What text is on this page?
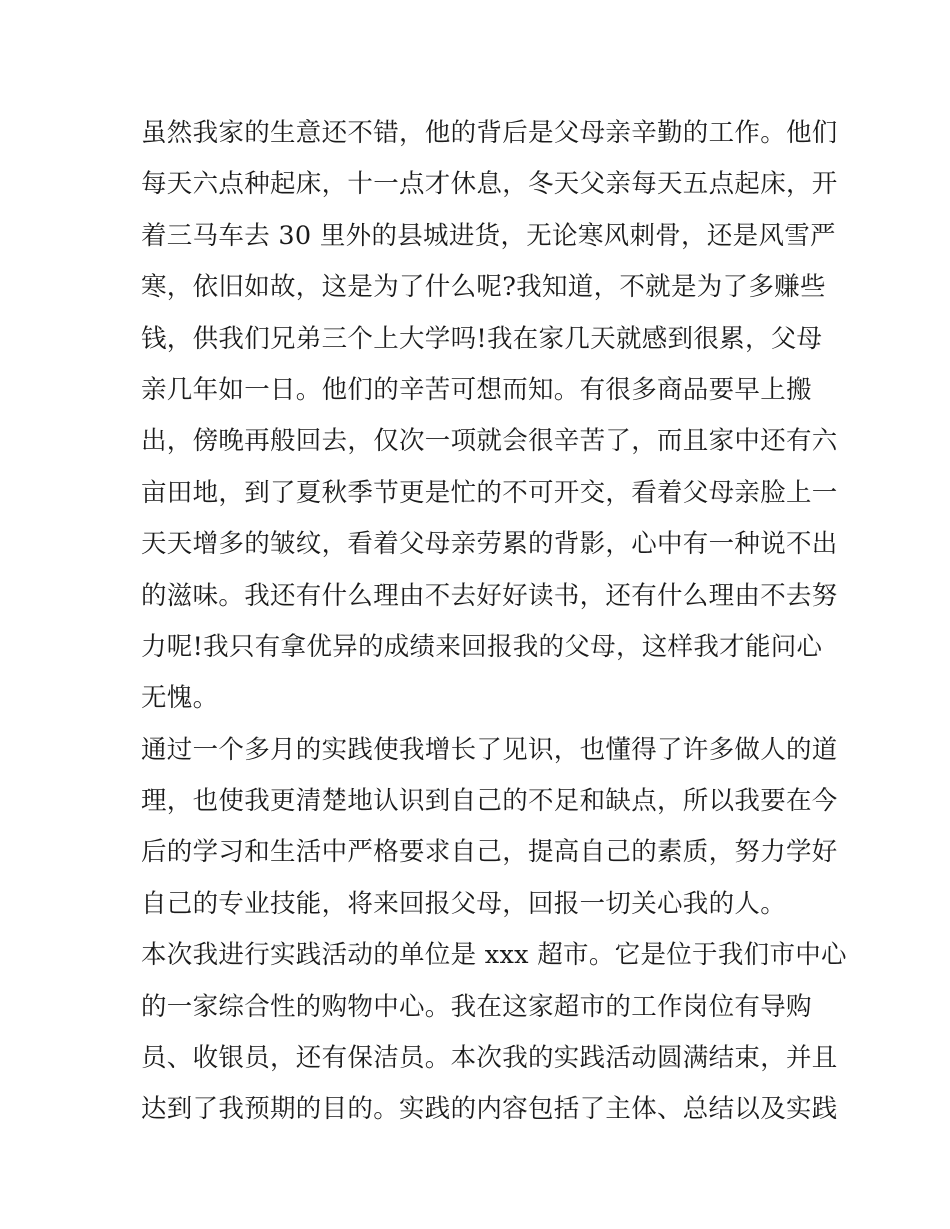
虽然我家的生意还不错，他的背后是父母亲辛勤的工作。他们
每天六点种起床，十一点才休息，冬天父亲每天五点起床，开
着三马车去 30 里外的县城进货，无论寒风刺骨，还是风雪严
寒，依旧如故，这是为了什么呢?我知道，不就是为了多赚些
钱，供我们兄弟三个上大学吗!我在家几天就感到很累，父母
亲几年如一日。他们的辛苦可想而知。有很多商品要早上搬
出，傍晚再般回去，仅次一项就会很辛苦了，而且家中还有六
亩田地，到了夏秋季节更是忙的不可开交，看着父母亲脸上一
天天增多的皱纹，看着父母亲劳累的背影，心中有一种说不出
的滋味。我还有什么理由不去好好读书，还有什么理由不去努
力呢!我只有拿优异的成绩来回报我的父母，这样我才能问心
无愧。
通过一个多月的实践使我增长了见识，也懂得了许多做人的道
理，也使我更清楚地认识到自己的不足和缺点，所以我要在今
后的学习和生活中严格要求自己，提高自己的素质，努力学好
自己的专业技能，将来回报父母，回报一切关心我的人。
本次我进行实践活动的单位是 xxx 超市。它是位于我们市中心
的一家综合性的购物中心。我在这家超市的工作岗位有导购
员、收银员，还有保洁员。本次我的实践活动圆满结束，并且
达到了我预期的目的。实践的内容包括了主体、总结以及实践
